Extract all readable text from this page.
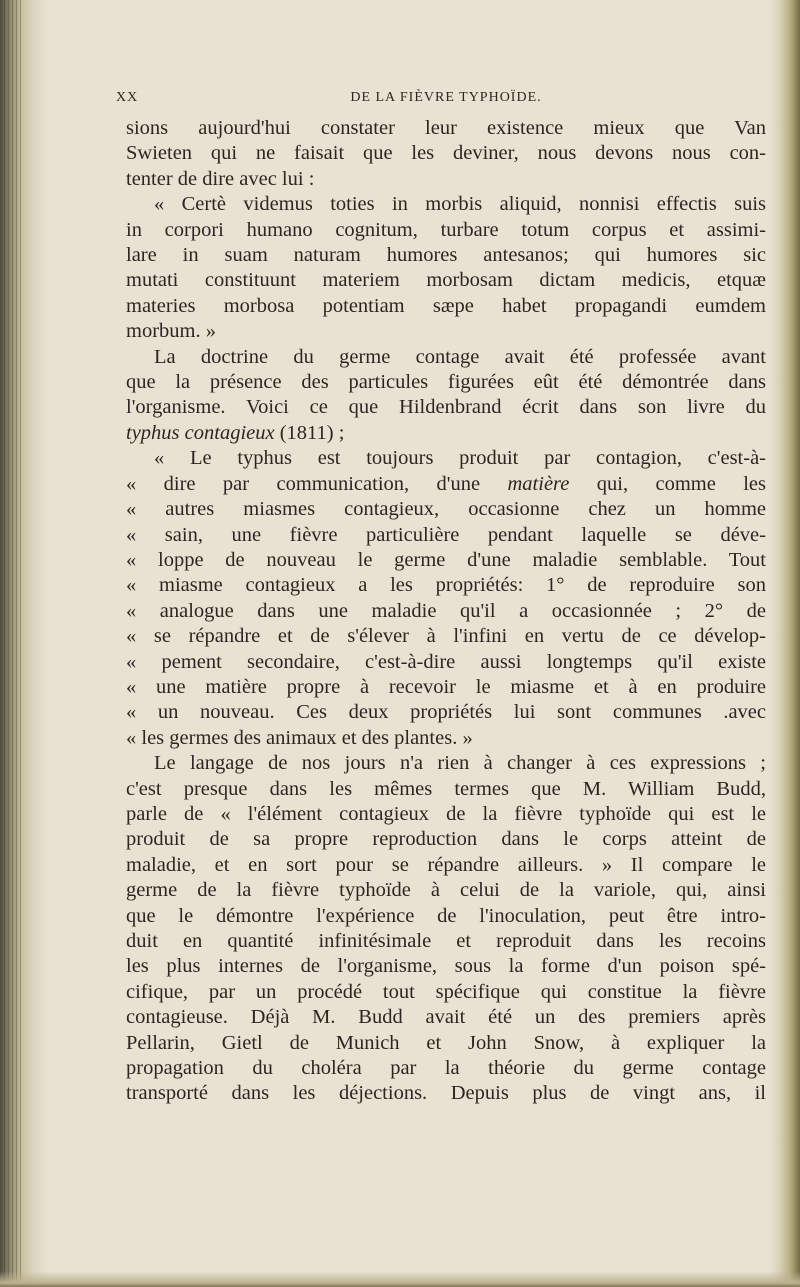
XX	DE LA FIÈVRE TYPHOÏDE.

sions aujourd'hui constater leur existence mieux que Van
Swieten qui ne faisait que les deviner, nous devons nous con-
tenter de dire avec lui :

« Certè videmus toties in morbis aliquid, nonnisi effectis suis
in corpori humano cognitum, turbare totum corpus et assimi-
lare in suam naturam humores antesanos; qui humores sic
mutati constituunt materiem morbosam dictam medicis, etquæ
materies morbosa potentiam sæpe habet propagandi eumdem
morbum. »

La doctrine du germe contage avait été professée avant
que la présence des particules figurées eût été démontrée dans
l'organisme. Voici ce que Hildenbrand écrit dans son livre du
typhus contagieux (1811) ;

« Le typhus est toujours produit par contagion, c'est-à-
« dire par communication, d'une matière qui, comme les
« autres miasmes contagieux, occasionne chez un homme
« sain, une fièvre particulière pendant laquelle se déve-
« loppe de nouveau le germe d'une maladie semblable. Tout
« miasme contagieux a les propriétés: 1° de reproduire son
« analogue dans une maladie qu'il a occasionnée ; 2° de
« se répandre et de s'élever à l'infini en vertu de ce dévelop-
« pement secondaire, c'est-à-dire aussi longtemps qu'il existe
« une matière propre à recevoir le miasme et à en produire
« un nouveau. Ces deux propriétés lui sont communes .avec
« les germes des animaux et des plantes. »

Le langage de nos jours n'a rien à changer à ces expressions ;
c'est presque dans les mêmes termes que M. William Budd,
parle de « l'élément contagieux de la fièvre typhoïde qui est le
produit de sa propre reproduction dans le corps atteint de
maladie, et en sort pour se répandre ailleurs. » Il compare le
germe de la fièvre typhoïde à celui de la variole, qui, ainsi
que le démontre l'expérience de l'inoculation, peut être intro-
duit en quantité infinitésimale et reproduit dans les recoins
les plus internes de l'organisme, sous la forme d'un poison spé-
cifique, par un procédé tout spécifique qui constitue la fièvre
contagieuse. Déjà M. Budd avait été un des premiers après
Pellarin, Gietl de Munich et John Snow, à expliquer la
propagation du choléra par la théorie du germe contage
transporté dans les déjections. Depuis plus de vingt ans, il
